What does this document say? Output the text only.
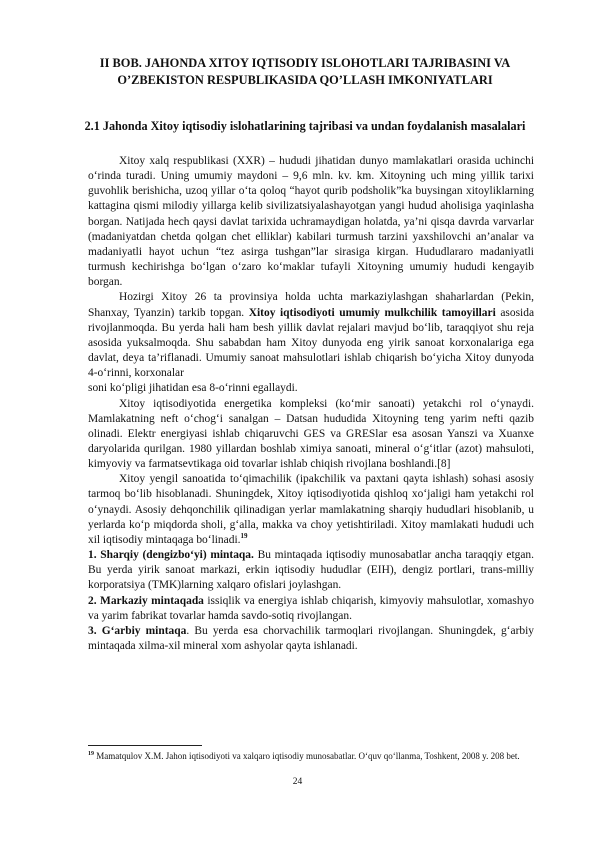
II BOB. JAHONDA XITOY IQTISODIY ISLOHOTLARI TAJRIBASINI VA O’ZBEKISTON RESPUBLIKASIDA QO’LLASH IMKONIYATLARI
2.1 Jahonda Xitoy iqtisodiy islohatlarining tajribasi va undan foydalanish masalalari

Xitoy xalq respublikasi (XXR) – hududi jihatidan dunyo mamlakatlari orasida uchinchi o‘rinda turadi. Uning umumiy maydoni – 9,6 mln. kv. km. Xitoyning uch ming yillik tarixi guvohlik berishicha, uzoq yillar o‘ta qoloq “hayot qurib podsholik”ka buysingan xitoyliklarning kattagina qismi milodiy yillarga kelib sivilizatsiyalashayotgan yangi hudud aholisiga yaqinlasha borgan. Natijada hech qaysi davlat tarixida uchramaydigan holatda, ya’ni qisqa davrda varvarlar (madaniyatdan chetda qolgan chet elliklar) kabilari turmush tarzini yaxshilovchi an’analar va madaniyatli hayot uchun “tez asirga tushgan”lar sirasiga kirgan. Hududlararo madaniyatli turmush kechirishga bo‘lgan o‘zaro ko‘maklar tufayli Xitoyning umumiy hududi kengayib borgan.

Hozirgi Xitoy 26 ta provinsiya holda uchta markaziylashgan shaharlardan (Pekin, Shanxay, Tyanzin) tarkib topgan. Xitoy iqtisodiyoti umumiy mulkchilik tamoyillari asosida rivojlanmoqda. Bu yerda hali ham besh yillik davlat rejalari mavjud bo‘lib, taraqqiyot shu reja asosida yuksalmoqda. Shu sababdan ham Xitoy dunyoda eng yirik sanoat korxonalariga ega davlat, deya ta’riflanadi. Umumiy sanoat mahsulotlari ishlab chiqarish bo‘yicha Xitoy dunyoda 4-o‘rinni, korxonalar

soni ko‘pligi jihatidan esa 8-o‘rinni egallaydi.

Xitoy iqtisodiyotida energetika kompleksi (ko‘mir sanoati) yetakchi rol o‘ynaydi. Mamlakatning neft o‘chog‘i sanalgan – Datsan hududida Xitoyning teng yarim nefti qazib olinadi. Elektr energiyasi ishlab chiqaruvchi GES va GRESlar esa asosan Yanszi va Xuanxe daryolarida qurilgan. 1980 yillardan boshlab ximiya sanoati, mineral o‘g‘itlar (azot) mahsuloti, kimyoviy va farmatsevtikaga oid tovarlar ishlab chiqish rivojlana boshlandi.[8]

Xitoy yengil sanoatida to‘qimachilik (ipakchilik va paxtani qayta ishlash) sohasi asosiy tarmoq bo‘lib hisoblanadi. Shuningdek, Xitoy iqtisodiyotida qishloq xo‘jaligi ham yetakchi rol o‘ynaydi. Asosiy dehqonchilik qilinadigan yerlar mamlakatning sharqiy hududlari hisoblanib, u yerlarda ko‘p miqdorda sholi, g‘alla, makka va choy yetishtiriladi. Xitoy mamlakati hududi uch xil iqtisodiy mintaqaga bo‘linadi.$^{19}$

1. Sharqiy (dengizbo‘yi) mintaqa. Bu mintaqada iqtisodiy munosabatlar ancha taraqqiy etgan. Bu yerda yirik sanoat markazi, erkin iqtisodiy hududlar (EIH), dengiz portlari, trans-milliy korporatsiya (TMK)larning xalqaro ofislari joylashgan.

2. Markaziy mintaqada issiqlik va energiya ishlab chiqarish, kimyoviy mahsulotlar, xomashyo va yarim fabrikat tovarlar hamda savdo-sotiq rivojlangan.

3. G‘arbiy mintaqa. Bu yerda esa chorvachilik tarmoqlari rivojlangan. Shuningdek, g‘arbiy mintaqada xilma-xil mineral xom ashyolar qayta ishlanadi.

$^{19}$ Mamatqulov X.M. Jahon iqtisodiyoti va xalqaro iqtisodiy munosabatlar. O‘quv qo‘llanma, Toshkent, 2008 y. 208 bet.
24
